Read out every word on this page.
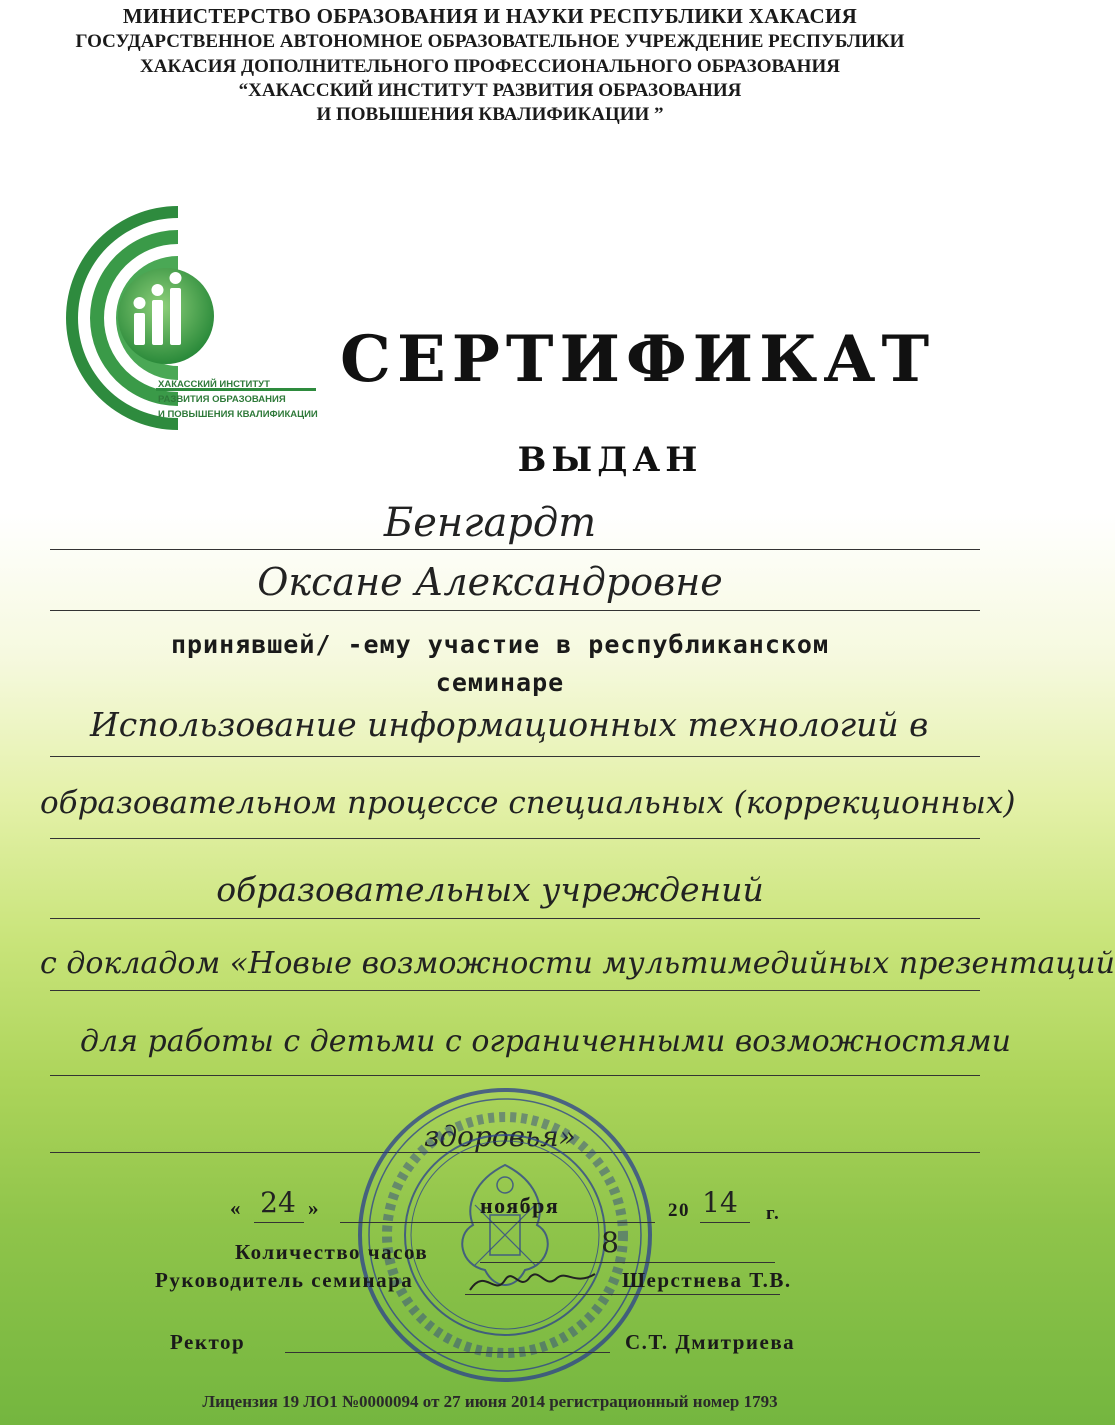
МИНИСТЕРСТВО ОБРАЗОВАНИЯ И НАУКИ РЕСПУБЛИКИ ХАКАСИЯ
ГОСУДАРСТВЕННОЕ АВТОНОМНОЕ ОБРАЗОВАТЕЛЬНОЕ УЧРЕЖДЕНИЕ РЕСПУБЛИКИ
ХАКАСИЯ ДОПОЛНИТЕЛЬНОГО ПРОФЕССИОНАЛЬНОГО ОБРАЗОВАНИЯ
“ХАКАССКИЙ ИНСТИТУТ РАЗВИТИЯ ОБРАЗОВАНИЯ
И ПОВЫШЕНИЯ КВАЛИФИКАЦИИ ”
ХАКАССКИЙ ИНСТИТУТ
РАЗВИТИЯ ОБРАЗОВАНИЯ
И ПОВЫШЕНИЯ КВАЛИФИКАЦИИ
СЕРТИФИКАТ
ВЫДАН
Бенгардт
Оксане Александровне
принявшей/ -ему участие в республиканском
семинаре
Использование информационных технологий в
образовательном процессе специальных (коррекционных)
образовательных учреждений
с докладом «Новые возможности мультимедийных презентаций
для работы с детьми с ограниченными возможностями
здоровья»
« 24 »	ноября	20 14 г.
Количество часов	8
Руководитель семинара	Шерстнева Т.В.
Ректор	С.Т. Дмитриева
Лицензия 19 ЛО1 №0000094 от 27 июня 2014 регистрационный номер 1793
